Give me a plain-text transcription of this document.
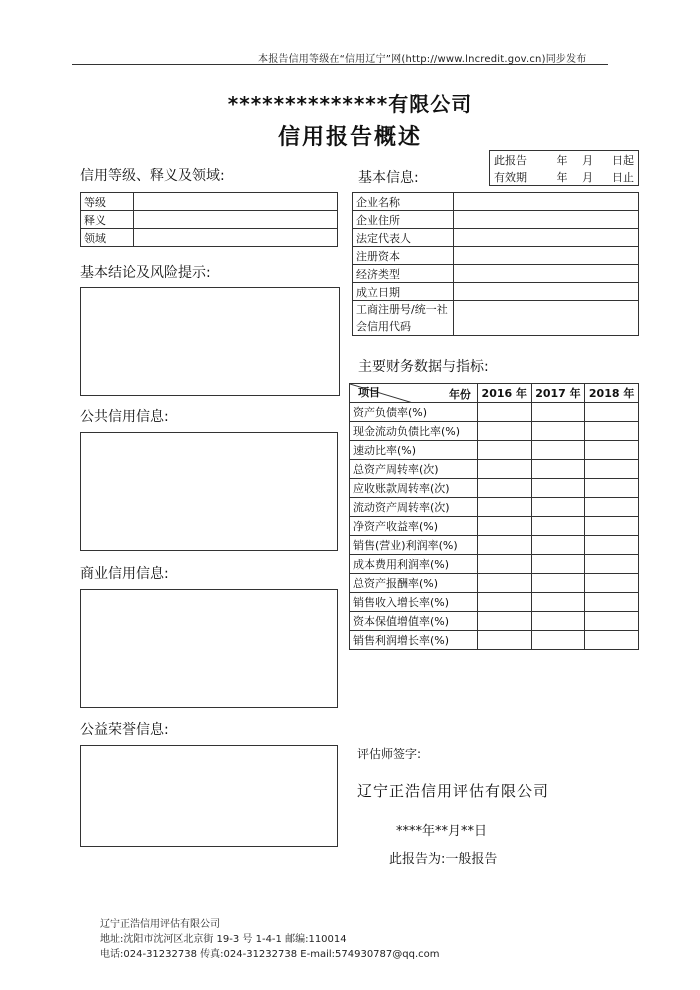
本报告信用等级在“信用辽宁”网(http://www.lncredit.gov.cn)同步发布
**************有限公司
信用报告概述
此报告	年	月	日起
有效期	年	月	日止
信用等级、释义及领域:
等级	
释义	
领域	
基本结论及风险提示:
公共信用信息:
商业信用信息:
公益荣誉信息:
基本信息:
企业名称	
企业住所	
法定代表人	
注册资本	
经济类型	
成立日期	
工商注册号/统一社会信用代码	
主要财务数据与指标:
年份
项目	2016 年	2017 年	2018 年
资产负债率(%)			
现金流动负债比率(%)			
速动比率(%)			
总资产周转率(次)			
应收账款周转率(次)			
流动资产周转率(次)			
净资产收益率(%)			
销售(营业)利润率(%)			
成本费用利润率(%)			
总资产报酬率(%)			
销售收入增长率(%)			
资本保值增值率(%)			
销售利润增长率(%)			
评估师签字:
辽宁正浩信用评估有限公司
****年**月**日
此报告为:一般报告
辽宁正浩信用评估有限公司
地址:沈阳市沈河区北京街 19-3 号 1-4-1 邮编:110014
电话:024-31232738 传真:024-31232738 E-mail:574930787@qq.com
